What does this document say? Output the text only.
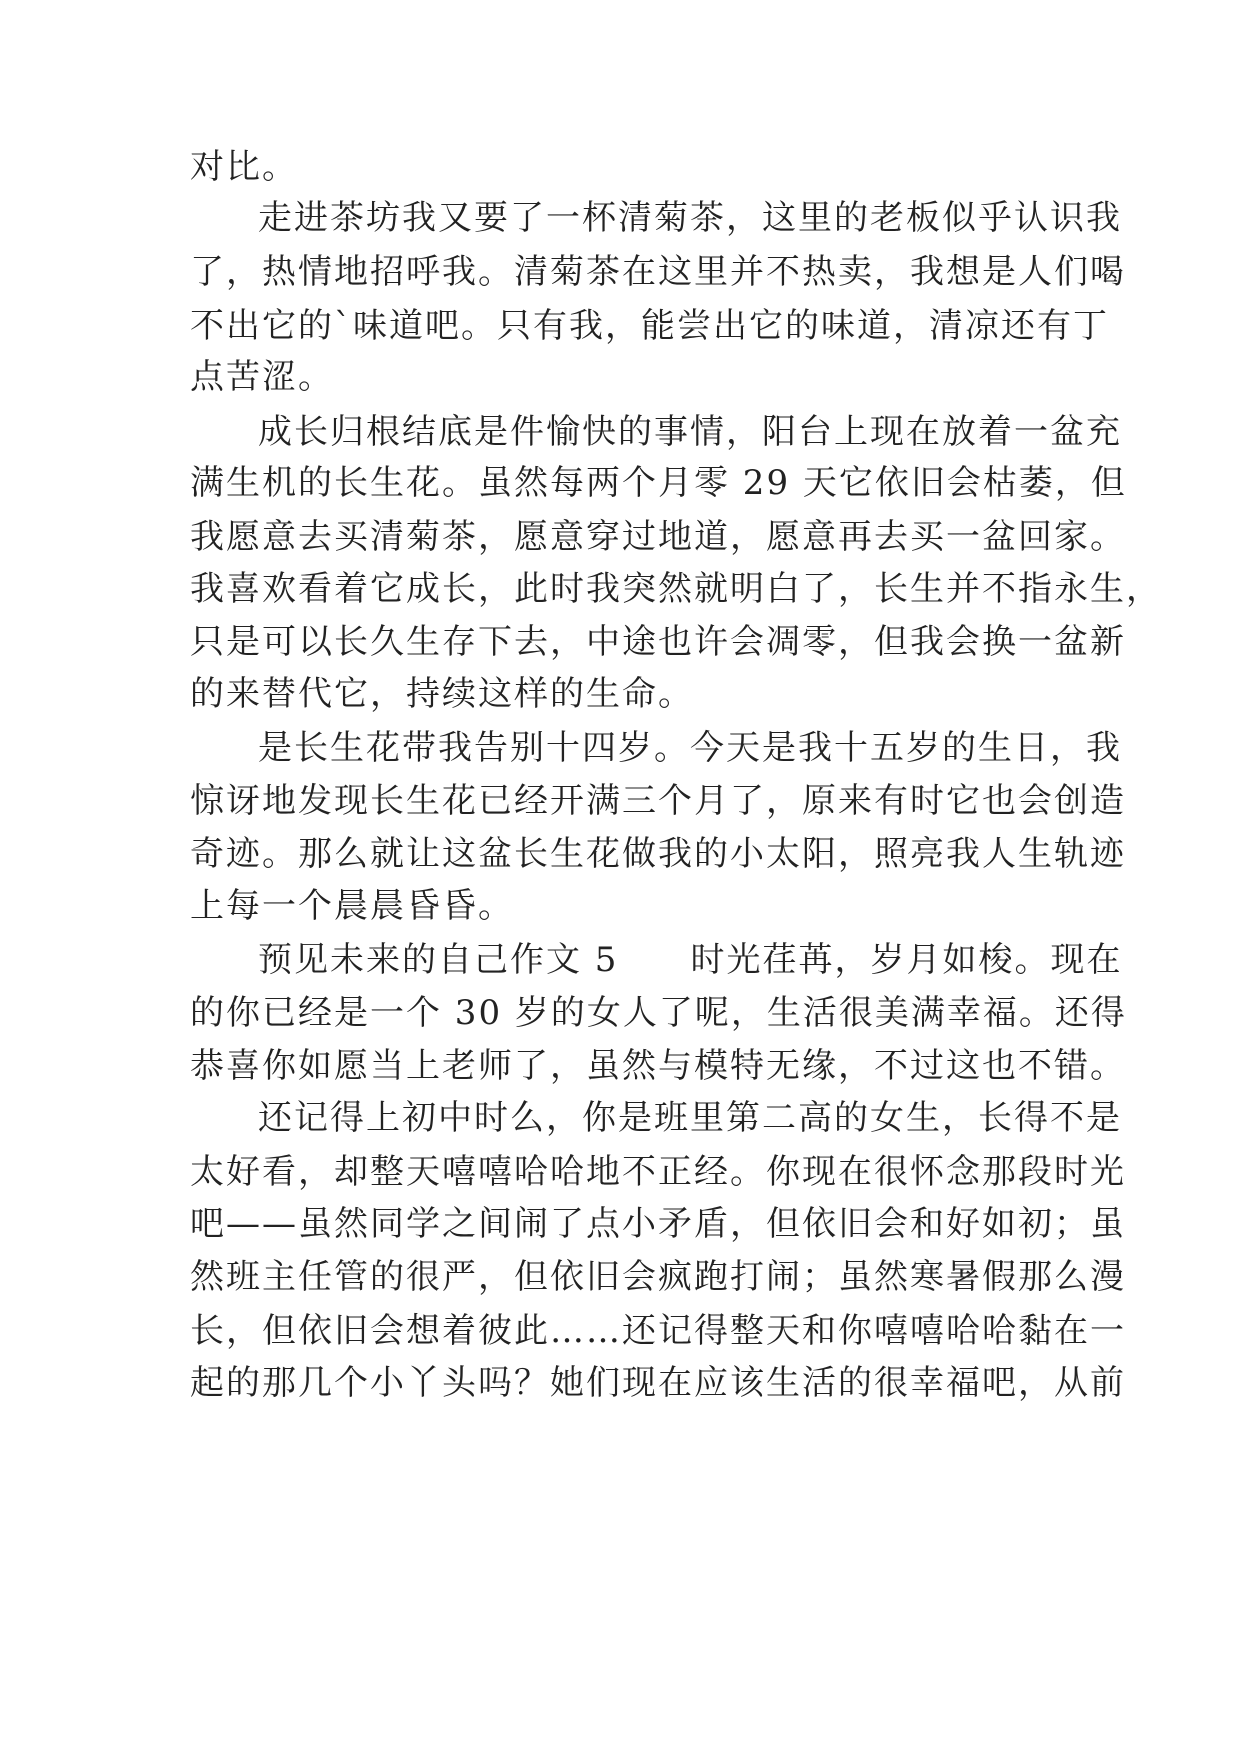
对比。

走进茶坊我又要了一杯清菊茶，这里的老板似乎认识我

了，热情地招呼我。清菊茶在这里并不热卖，我想是人们喝

不出它的`味道吧。只有我，能尝出它的味道，清凉还有丁

点苦涩。

成长归根结底是件愉快的事情，阳台上现在放着一盆充

满生机的长生花。虽然每两个月零 29 天它依旧会枯萎，但

我愿意去买清菊茶，愿意穿过地道，愿意再去买一盆回家。

我喜欢看着它成长，此时我突然就明白了，长生并不指永生，

只是可以长久生存下去，中途也许会凋零，但我会换一盆新

的来替代它，持续这样的生命。

是长生花带我告别十四岁。今天是我十五岁的生日，我

惊讶地发现长生花已经开满三个月了，原来有时它也会创造

奇迹。那么就让这盆长生花做我的小太阳，照亮我人生轨迹

上每一个晨晨昏昏。

预见未来的自己作文 5　　时光荏苒，岁月如梭。现在

的你已经是一个 30 岁的女人了呢，生活很美满幸福。还得

恭喜你如愿当上老师了，虽然与模特无缘，不过这也不错。

还记得上初中时么，你是班里第二高的女生，长得不是

太好看，却整天嘻嘻哈哈地不正经。你现在很怀念那段时光

吧——虽然同学之间闹了点小矛盾，但依旧会和好如初；虽

然班主任管的很严，但依旧会疯跑打闹；虽然寒暑假那么漫

长，但依旧会想着彼此……还记得整天和你嘻嘻哈哈黏在一

起的那几个小丫头吗？她们现在应该生活的很幸福吧，从前
